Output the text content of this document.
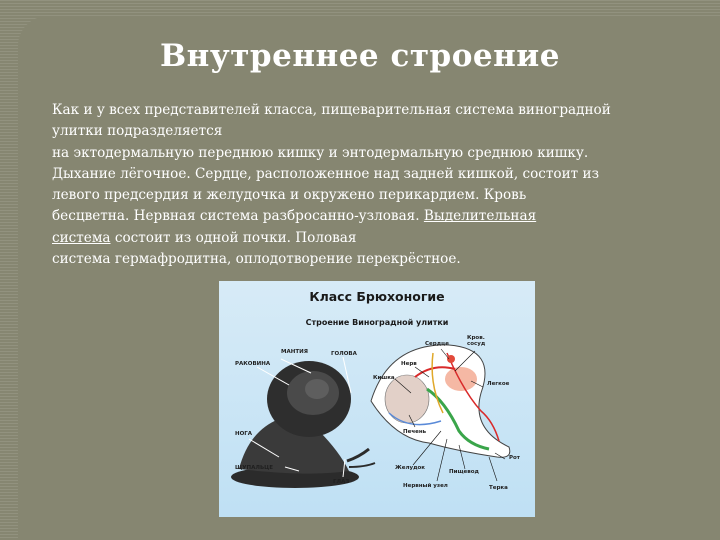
Внутреннее строение
Как и у всех представителей класса, пищеварительная система виноградной
улитки подразделяется
на эктодермальную переднюю кишку и энтодермальную среднюю кишку.
Дыхание лёгочное. Сердце, расположенное над задней кишкой, состоит из
левого предсердия и желудочка и окружено перикардием. Кровь
бесцветна. Нервная система разбросанно-узловая. Выделительная
система состоит из одной почки. Половая
система гермафродитна, оплодотворение перекрёстное.
Класс Брюхоногие
Строение Виноградной улитки
МАНТИЯ
РАКОВИНА
ГОЛОВА
НОГА
ЩУПАЛЬЦЕ
ГЛАЗ
Сердце
Кров. сосуд
Нерв
Кишка
Легкое
Печень
Рот
Желудок
Пищевод
Нервный узел	Терка
